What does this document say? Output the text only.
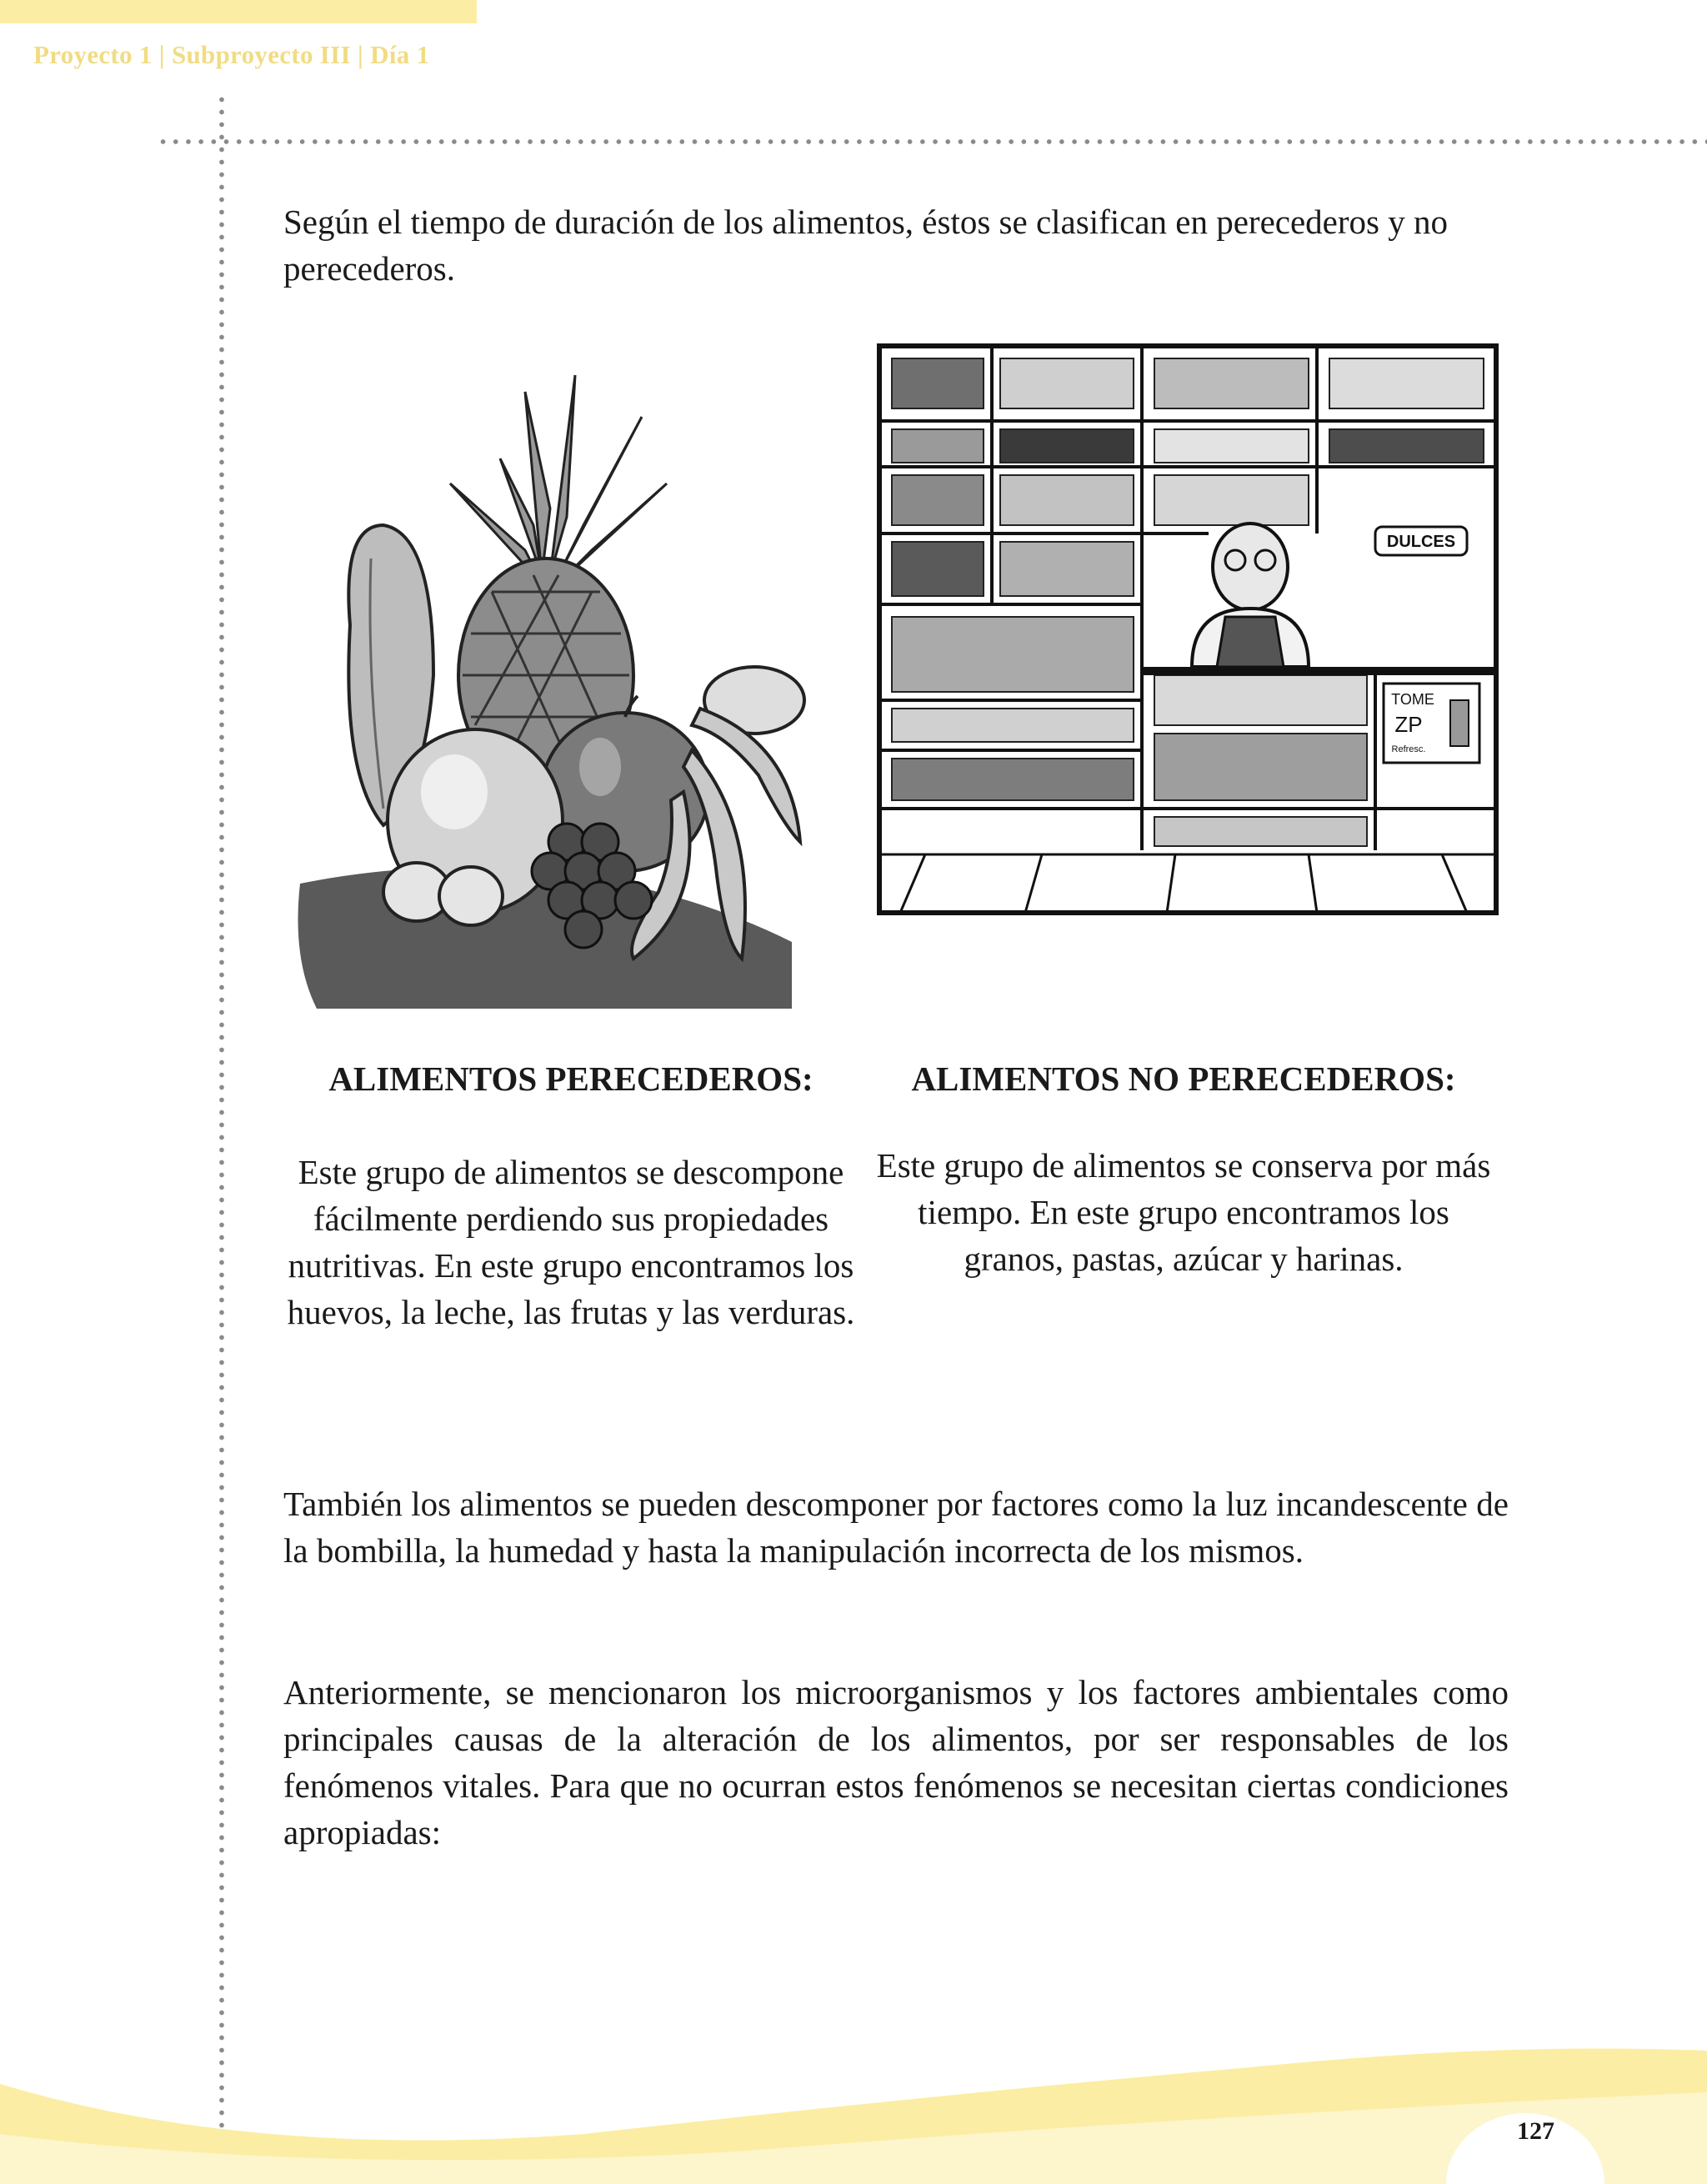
Proyecto 1 | Subproyecto III | Día 1

Según el tiempo de duración de los alimentos, éstos se clasifican en perecederos y no perecederos.

DULCES
TOME
ZP
Refresc.
ALIMENTOS PERECEDEROS:

Este grupo de alimentos se descompone fácilmente perdiendo sus propiedades nutritivas. En este grupo encontramos los huevos, la leche, las frutas y las verduras.

ALIMENTOS NO PERECEDEROS:

Este grupo de alimentos se conserva por más tiempo. En este grupo encontramos los granos, pastas, azúcar y harinas.

También los alimentos se pueden descomponer por factores como la luz incandescente de la bombilla, la humedad y hasta la manipulación incorrecta de los mismos.

Anteriormente, se mencionaron los microorganismos y los factores ambientales como principales causas de la alteración de los alimentos, por ser responsables de los fenómenos vitales. Para que no ocurran estos fenómenos se necesitan ciertas condiciones apropiadas:

127
